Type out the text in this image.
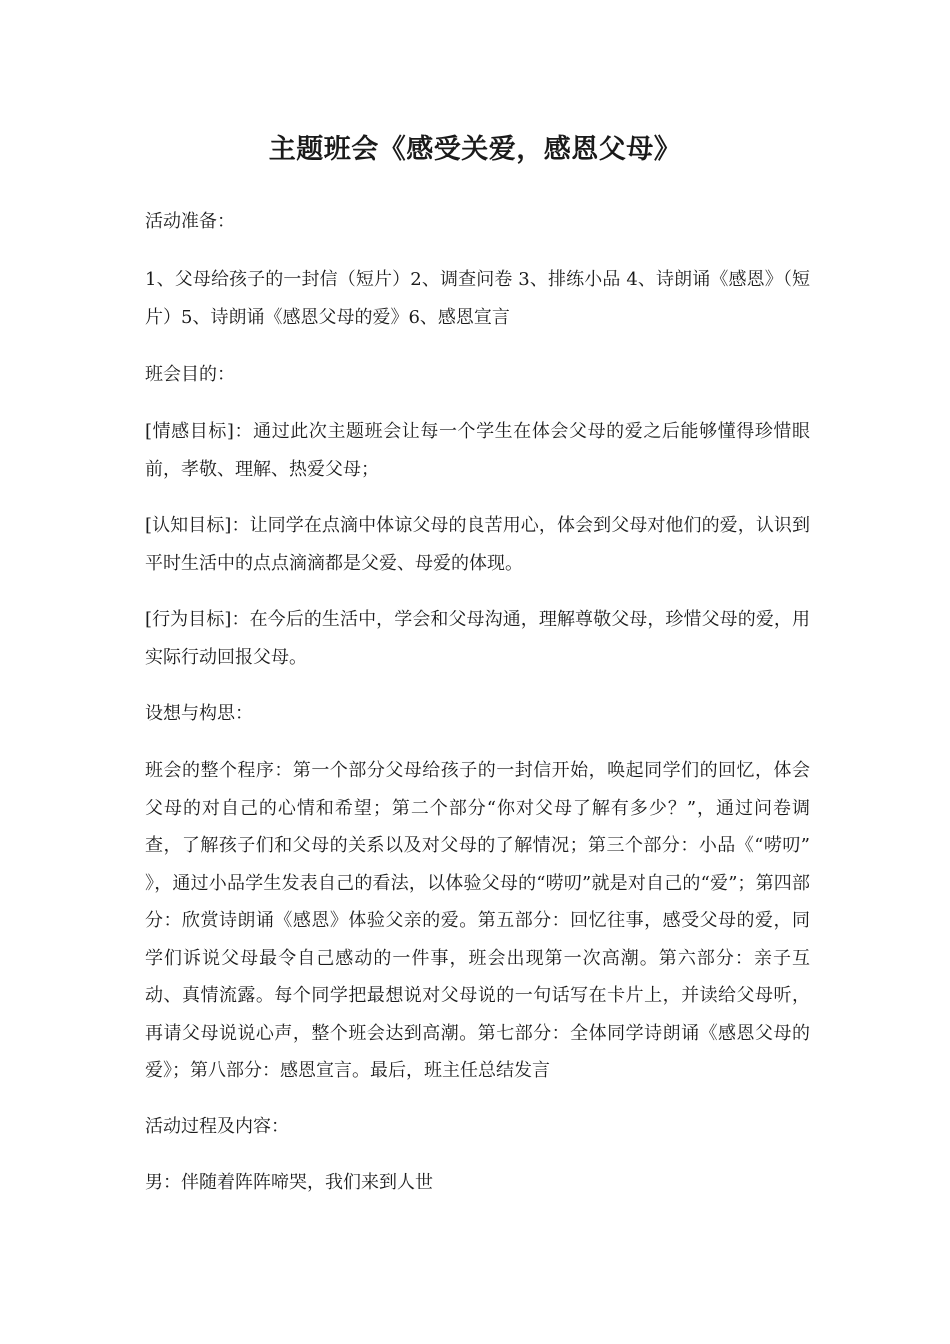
主题班会《感受关爱，感恩父母》

活动准备：

1、父母给孩子的一封信（短片）2、调查问卷 3、排练小品 4、诗朗诵《感恩》（短片）5、诗朗诵《感恩父母的爱》6、感恩宣言

班会目的：

[情感目标]：通过此次主题班会让每一个学生在体会父母的爱之后能够懂得珍惜眼前，孝敬、理解、热爱父母；

[认知目标]：让同学在点滴中体谅父母的良苦用心，体会到父母对他们的爱，认识到平时生活中的点点滴滴都是父爱、母爱的体现。

[行为目标]：在今后的生活中，学会和父母沟通，理解尊敬父母，珍惜父母的爱，用实际行动回报父母。

设想与构思：

班会的整个程序：第一个部分父母给孩子的一封信开始，唤起同学们的回忆，体会父母的对自己的心情和希望；第二个部分“你对父母了解有多少？”，通过问卷调查，了解孩子们和父母的关系以及对父母的了解情况；第三个部分：小品《“唠叨” 》，通过小品学生发表自己的看法，以体验父母的“唠叨”就是对自己的“爱”；第四部分：欣赏诗朗诵《感恩》体验父亲的爱。第五部分：回忆往事，感受父母的爱，同学们诉说父母最令自己感动的一件事，班会出现第一次高潮。第六部分：亲子互动、真情流露。每个同学把最想说对父母说的一句话写在卡片上，并读给父母听，再请父母说说心声，整个班会达到高潮。第七部分：全体同学诗朗诵《感恩父母的爱》；第八部分：感恩宣言。最后，班主任总结发言

活动过程及内容：

男：伴随着阵阵啼哭，我们来到人世
